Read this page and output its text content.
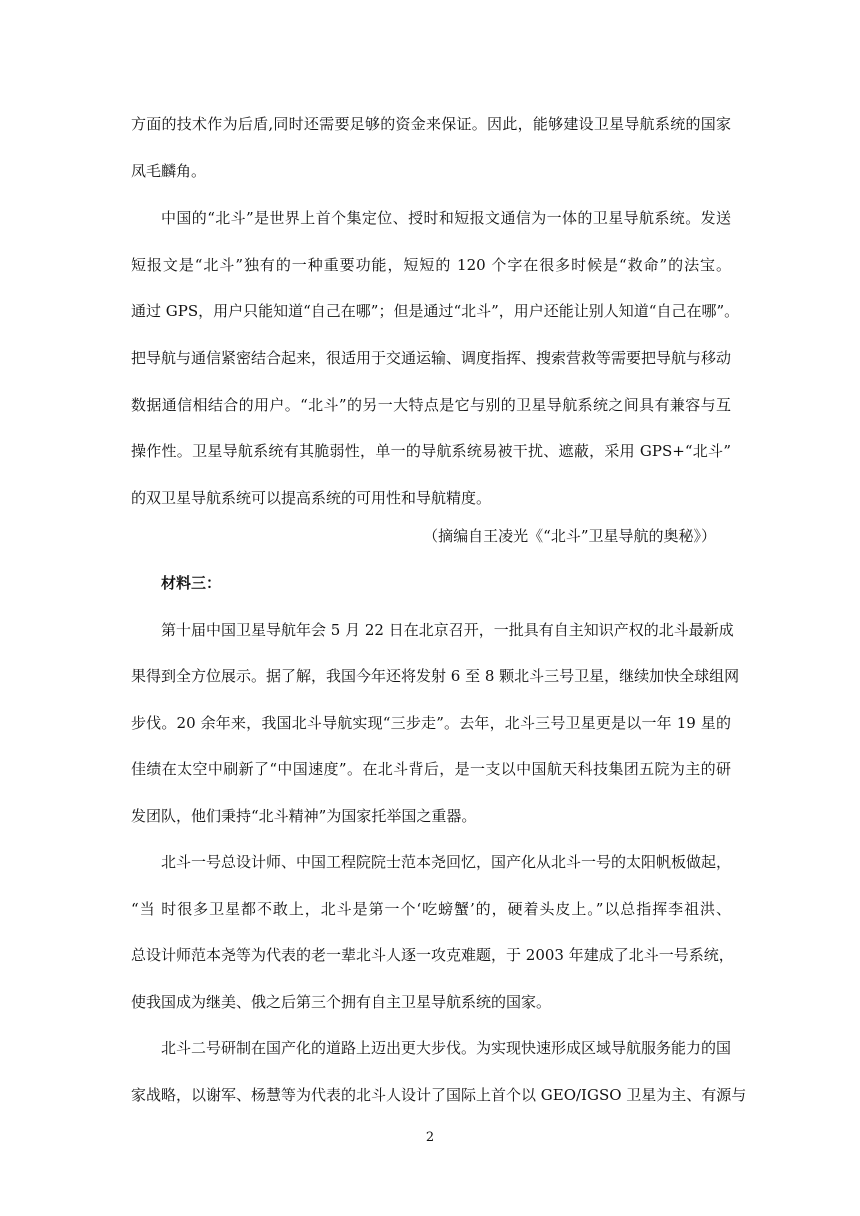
方面的技术作为后盾,同时还需要足够的资金来保证。因此，能够建设卫星导航系统的国家
凤毛麟角。
中国的“北斗”是世界上首个集定位、授时和短报文通信为一体的卫星导航系统。发送
短报文是“北斗”独有的一种重要功能，短短的 120 个字在很多时候是“救命”的法宝。
通过 GPS，用户只能知道“自己在哪”；但是通过“北斗”，用户还能让别人知道“自己在哪”。
把导航与通信紧密结合起来，很适用于交通运输、调度指挥、搜索营救等需要把导航与移动
数据通信相结合的用户。“北斗”的另一大特点是它与别的卫星导航系统之间具有兼容与互
操作性。卫星导航系统有其脆弱性，单一的导航系统易被干扰、遮蔽，采用 GPS+“北斗”
的双卫星导航系统可以提高系统的可用性和导航精度。
（摘编自王凌光《“北斗”卫星导航的奥秘》）
材料三：
第十届中国卫星导航年会 5 月 22 日在北京召开，一批具有自主知识产权的北斗最新成
果得到全方位展示。据了解，我国今年还将发射 6 至 8 颗北斗三号卫星，继续加快全球组网
步伐。20 余年来，我国北斗导航实现“三步走”。去年，北斗三号卫星更是以一年 19 星的
佳绩在太空中刷新了“中国速度”。在北斗背后，是一支以中国航天科技集团五院为主的研
发团队，他们秉持“北斗精神”为国家托举国之重器。
北斗一号总设计师、中国工程院院士范本尧回忆，国产化从北斗一号的太阳帆板做起，
“当 时很多卫星都不敢上，北斗是第一个‘吃螃蟹’的，硬着头皮上。”以总指挥李祖洪、
总设计师范本尧等为代表的老一辈北斗人逐一攻克难题，于 2003 年建成了北斗一号系统，
使我国成为继美、俄之后第三个拥有自主卫星导航系统的国家。
北斗二号研制在国产化的道路上迈出更大步伐。为实现快速形成区域导航服务能力的国
家战略，以谢军、杨慧等为代表的北斗人设计了国际上首个以 GEO/IGSO 卫星为主、有源与
2
